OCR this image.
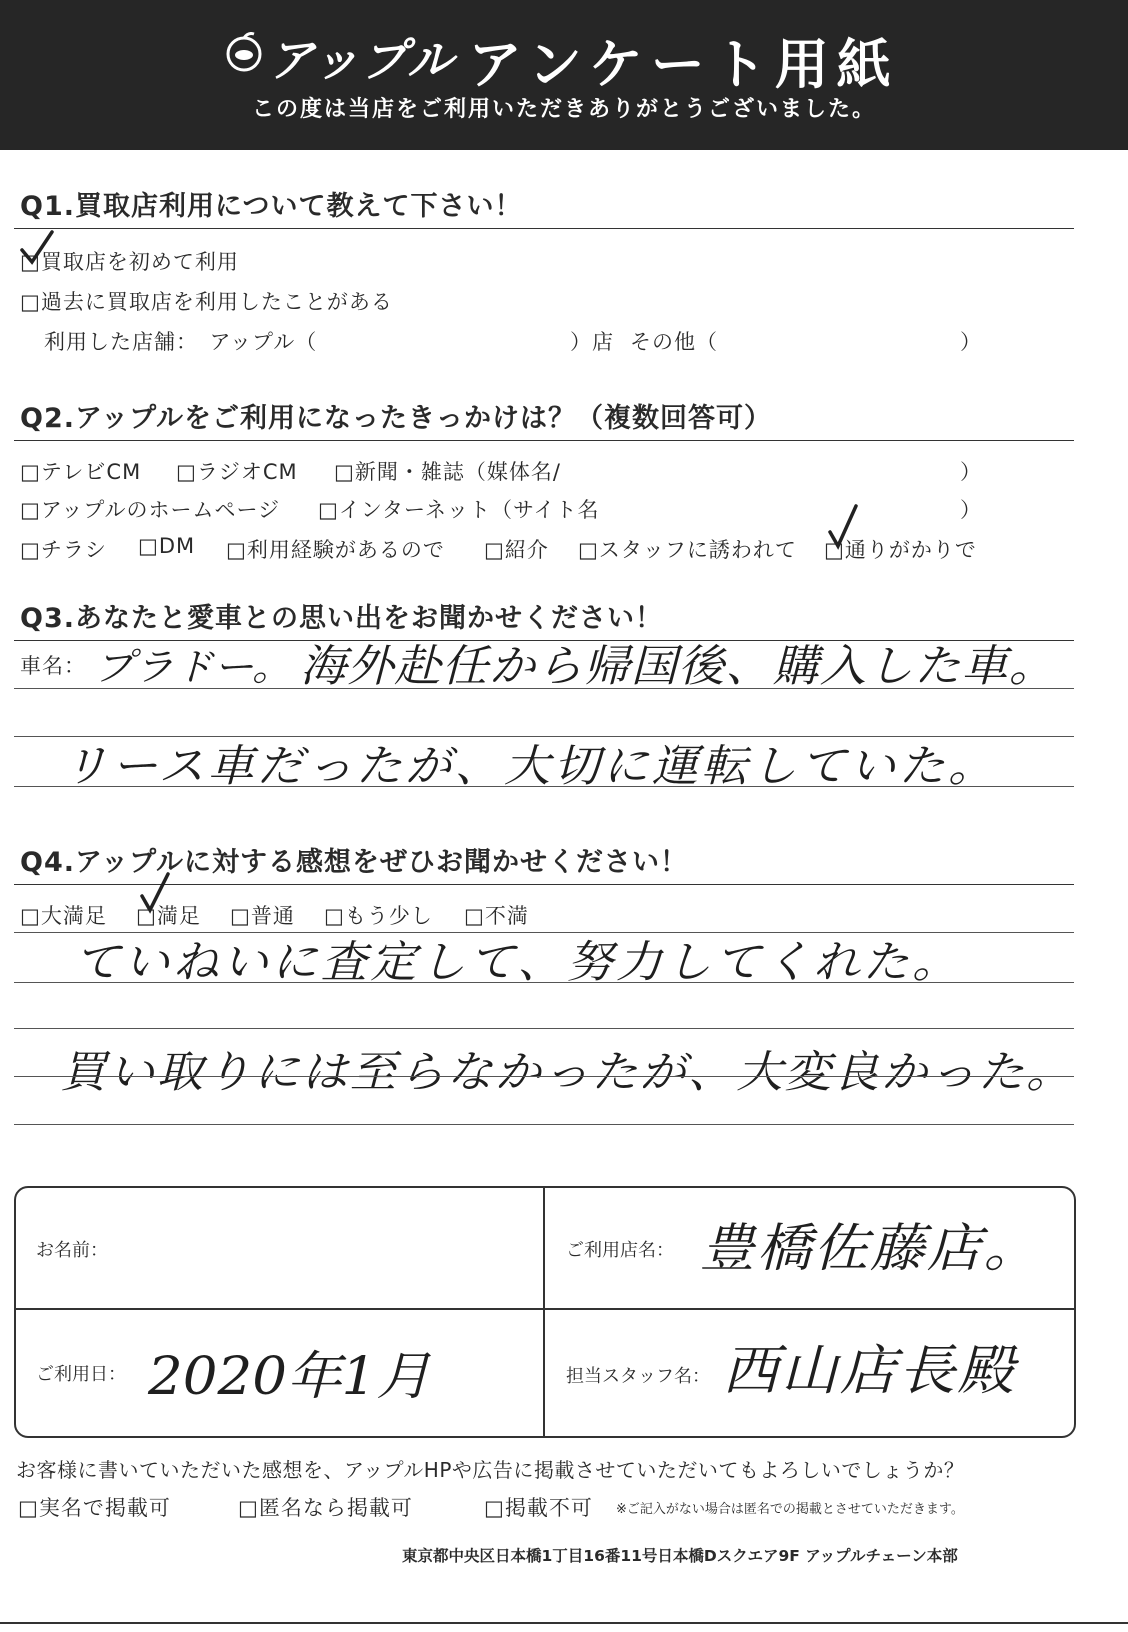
アップル アンケート用紙
この度は当店をご利用いただきありがとうございました。
Q1.買取店利用について教えて下さい！
□買取店を初めて利用
□過去に買取店を利用したことがある
利用した店舗：　アップル（	）店 その他（	）
Q2.アップルをご利用になったきっかけは？（複数回答可）
□テレビCM □ラジオCM □新聞・雑誌（媒体名/	）
□アップルのホームページ □インターネット（サイト名	）
□チラシ □DM □利用経験があるので □紹介 □スタッフに誘われて □通りがかりで
Q3.あなたと愛車との思い出をお聞かせください！
車名： プラドー。 海外赴任から帰国後、購入した車。
リース車だったが、大切に運転していた。
Q4.アップルに対する感想をぜひお聞かせください！
□大満足 □満足 □普通 □もう少し □不満
ていねいに査定して、努力してくれた。
買い取りには至らなかったが、大変良かった。
お名前：	ご利用店名： 豊橋佐藤店。
ご利用日： 2020年1月	担当スタッフ名： 西山店長殿
お客様に書いていただいた感想を、アップルHPや広告に掲載させていただいてもよろしいでしょうか？
□実名で掲載可	□匿名なら掲載可	□掲載不可 ※ご記入がない場合は匿名での掲載とさせていただきます。
東京都中央区日本橋1丁目16番11号日本橋Dスクエア9F アップルチェーン本部
